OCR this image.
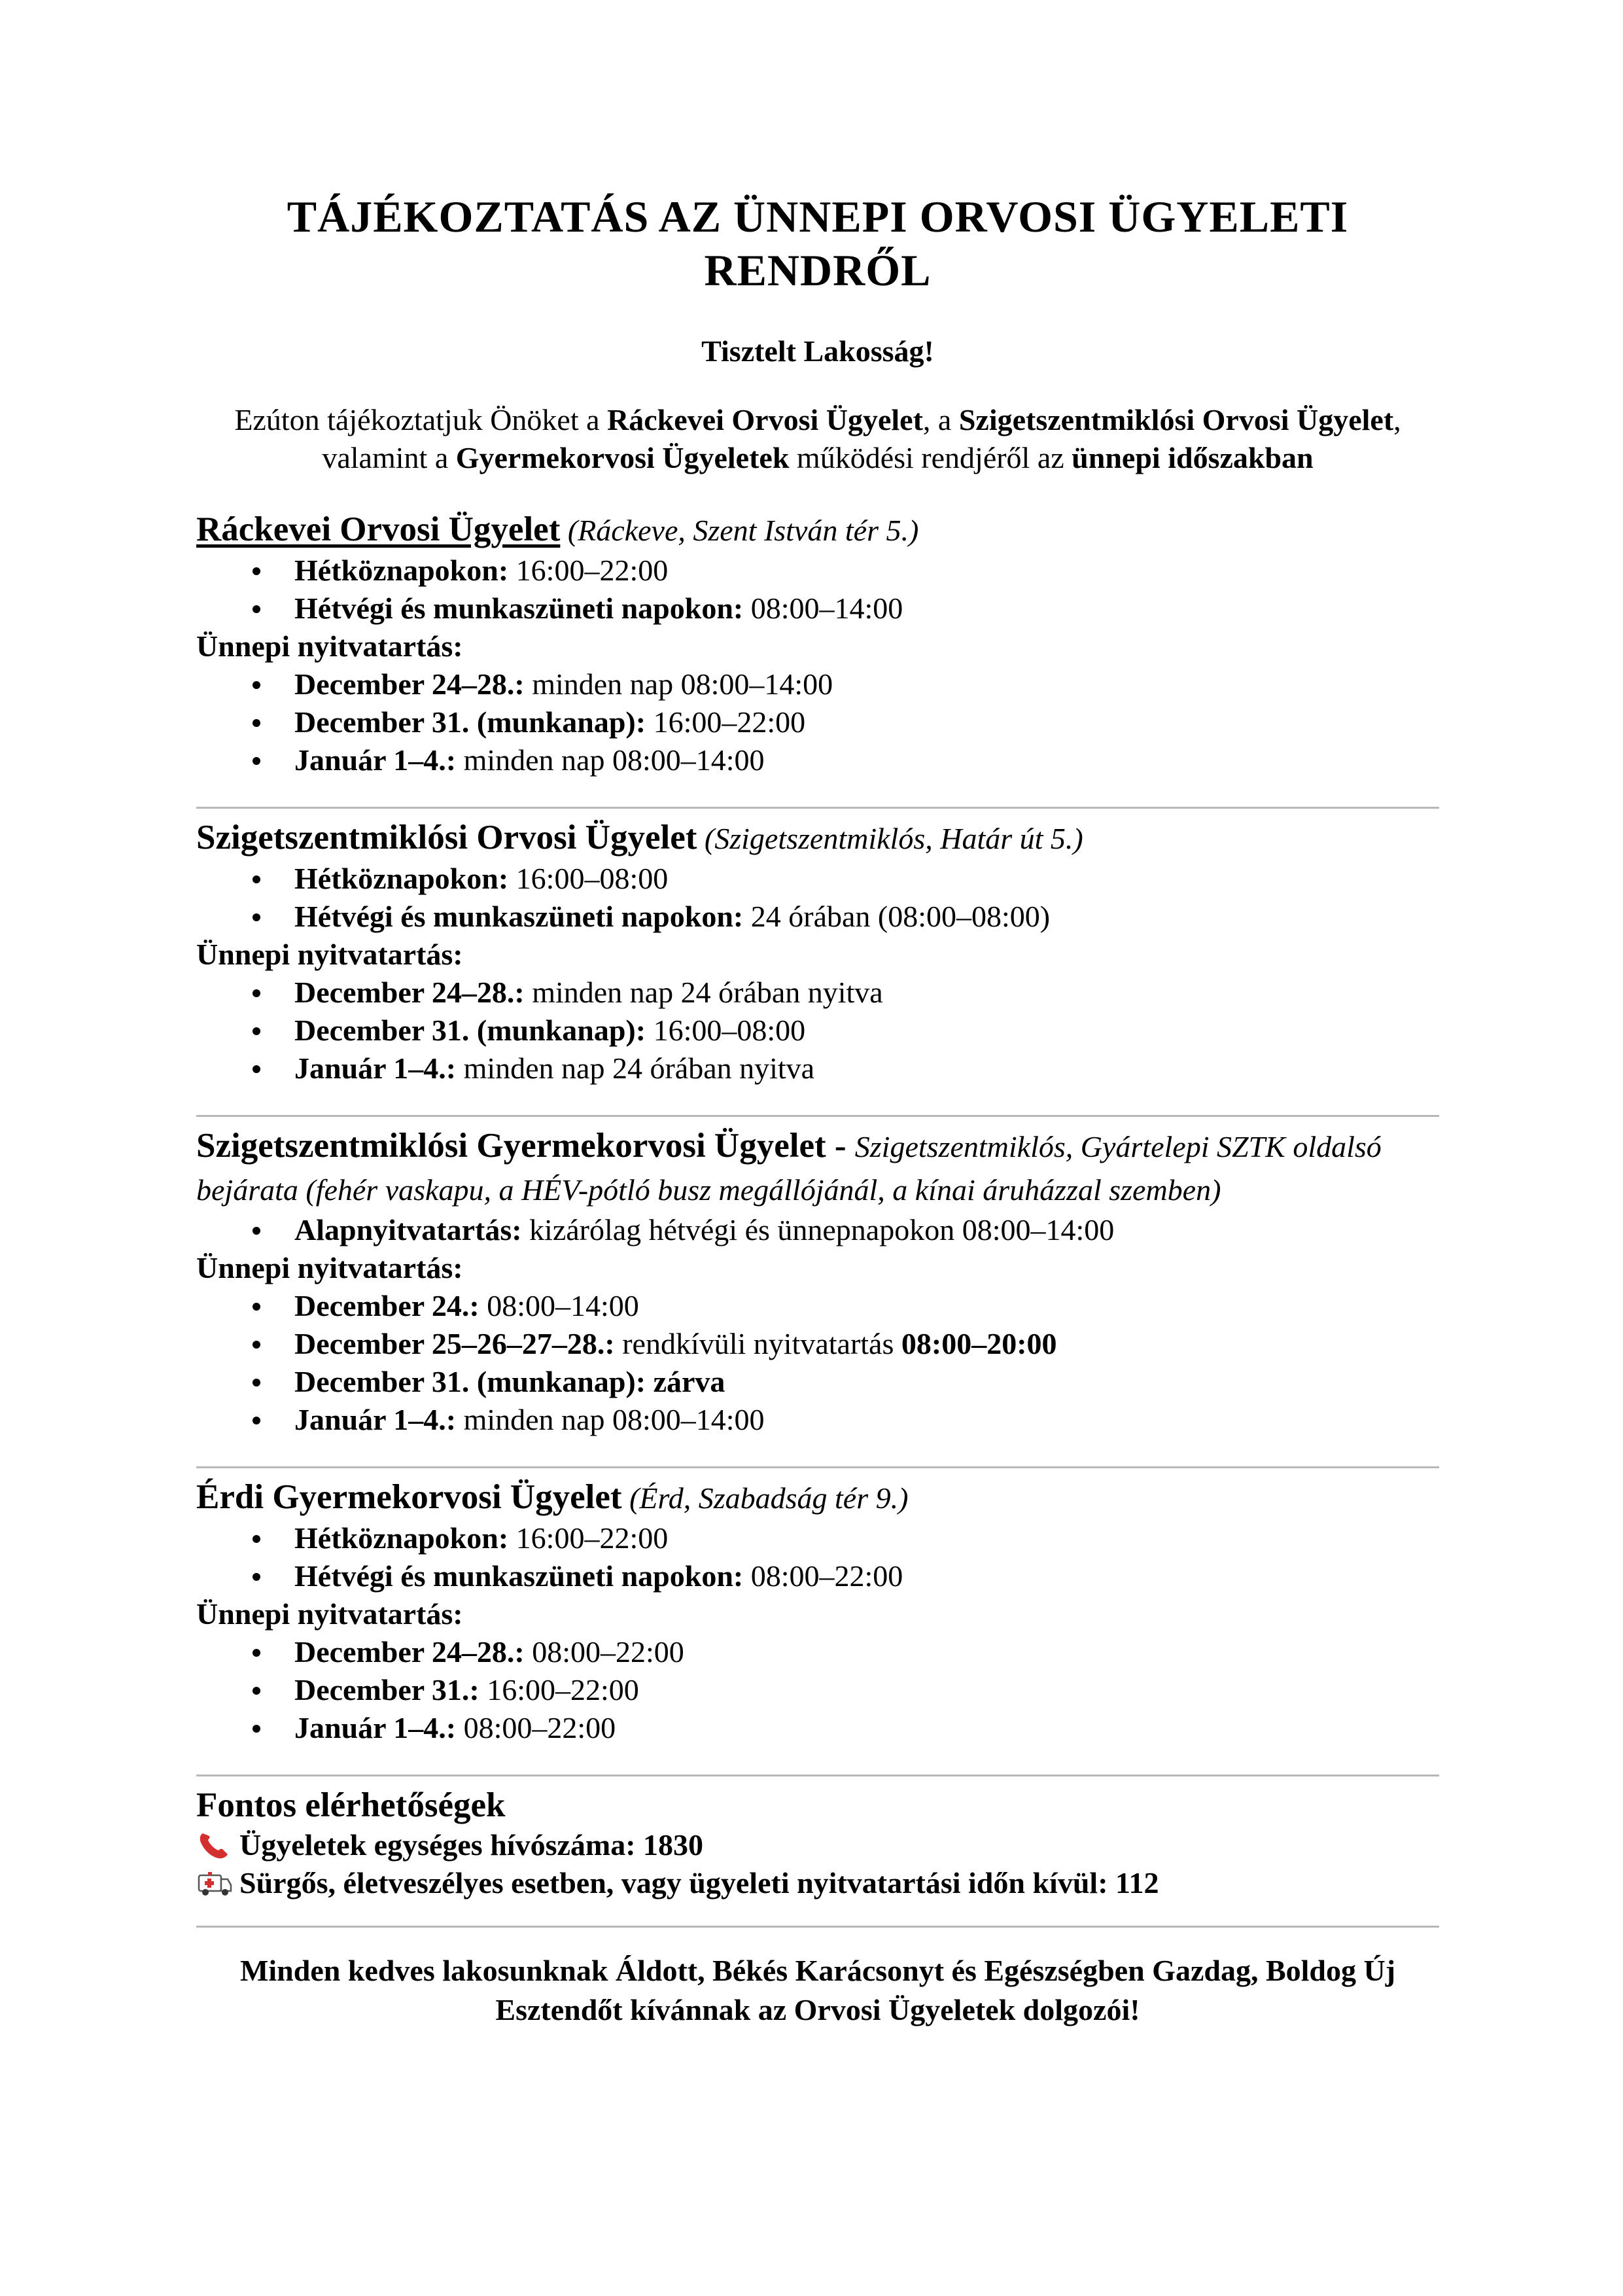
TÁJÉKOZTATÁS AZ ÜNNEPI ORVOSI ÜGYELETI
RENDRŐL
Tisztelt Lakosság!
Ezúton tájékoztatjuk Önöket a Ráckevei Orvosi Ügyelet, a Szigetszentmiklósi Orvosi Ügyelet, valamint a Gyermekorvosi Ügyeletek működési rendjéről az ünnepi időszakban
Ráckevei Orvosi Ügyelet (Ráckeve, Szent István tér 5.)
Hétköznapokon: 16:00–22:00
Hétvégi és munkaszüneti napokon: 08:00–14:00
Ünnepi nyitvatartás:
December 24–28.: minden nap 08:00–14:00
December 31. (munkanap): 16:00–22:00
Január 1–4.: minden nap 08:00–14:00
Szigetszentmiklósi Orvosi Ügyelet (Szigetszentmiklós, Határ út 5.)
Hétköznapokon: 16:00–08:00
Hétvégi és munkaszüneti napokon: 24 órában (08:00–08:00)
Ünnepi nyitvatartás:
December 24–28.: minden nap 24 órában nyitva
December 31. (munkanap): 16:00–08:00
Január 1–4.: minden nap 24 órában nyitva
Szigetszentmiklósi Gyermekorvosi Ügyelet - Szigetszentmiklós, Gyártelepi SZTK oldalsó bejárata (fehér vaskapu, a HÉV-pótló busz megállójánál, a kínai áruházzal szemben)
Alapnyitvatartás: kizárólag hétvégi és ünnepnapokon 08:00–14:00
Ünnepi nyitvatartás:
December 24.: 08:00–14:00
December 25–26–27–28.: rendkívüli nyitvatartás 08:00–20:00
December 31. (munkanap): zárva
Január 1–4.: minden nap 08:00–14:00
Érdi Gyermekorvosi Ügyelet (Érd, Szabadság tér 9.)
Hétköznapokon: 16:00–22:00
Hétvégi és munkaszüneti napokon: 08:00–22:00
Ünnepi nyitvatartás:
December 24–28.: 08:00–22:00
December 31.: 16:00–22:00
Január 1–4.: 08:00–22:00
Fontos elérhetőségek
Ügyeletek egységes hívószáma: 1830
Sürgős, életveszélyes esetben, vagy ügyeleti nyitvatartási időn kívül: 112
Minden kedves lakosunknak Áldott, Békés Karácsonyt és Egészségben Gazdag, Boldog Új Esztendőt kívánnak az Orvosi Ügyeletek dolgozói!
